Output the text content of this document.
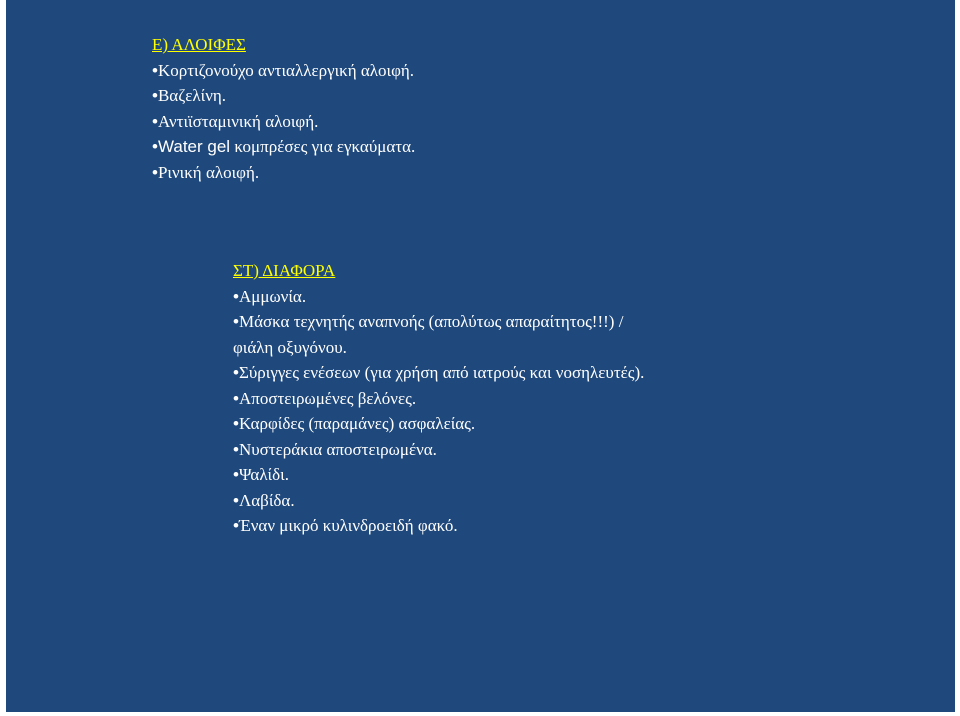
Ε) ΑΛΟΙΦΕΣ

•Κορτιζονούχο αντιαλλεργική αλοιφή.

•Βαζελίνη.

•Αντιϊσταμινική αλοιφή.

•Water gel κομπρέσες για εγκαύματα.

•Ρινική αλοιφή.

ΣΤ) ΔΙΑΦΟΡΑ

•Αμμωνία.

•Μάσκα τεχνητής αναπνοής (απολύτως απαραίτητος!!!) / φιάλη οξυγόνου.

•Σύριγγες ενέσεων (για χρήση από ιατρούς και νοσηλευτές).

•Αποστειρωμένες βελόνες.

•Καρφίδες (παραμάνες) ασφαλείας.

•Νυστεράκια αποστειρωμένα.

•Ψαλίδι.

•Λαβίδα.

•Έναν μικρό κυλινδροειδή φακό.
